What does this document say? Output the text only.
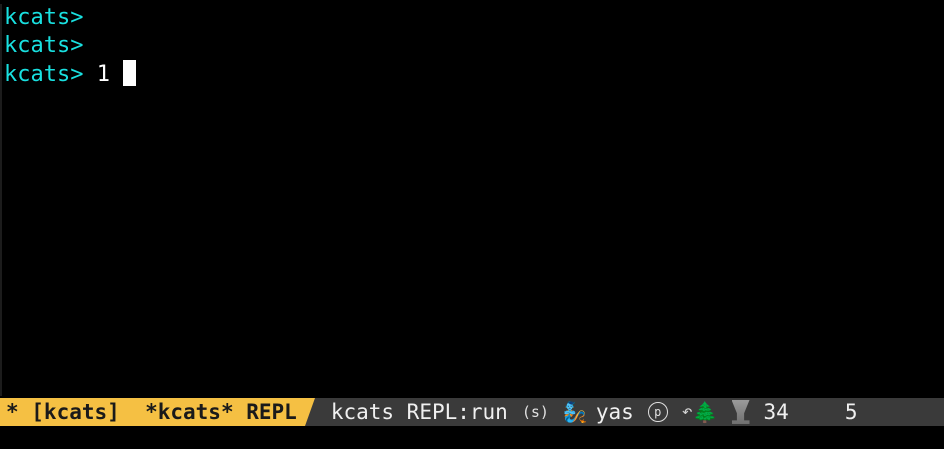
kcats>
kcats>
kcats> 1
* [kcats] *kcats* REPL	kcats REPL:run (s) 🧞 yas p ↶ 🌲 34	5
